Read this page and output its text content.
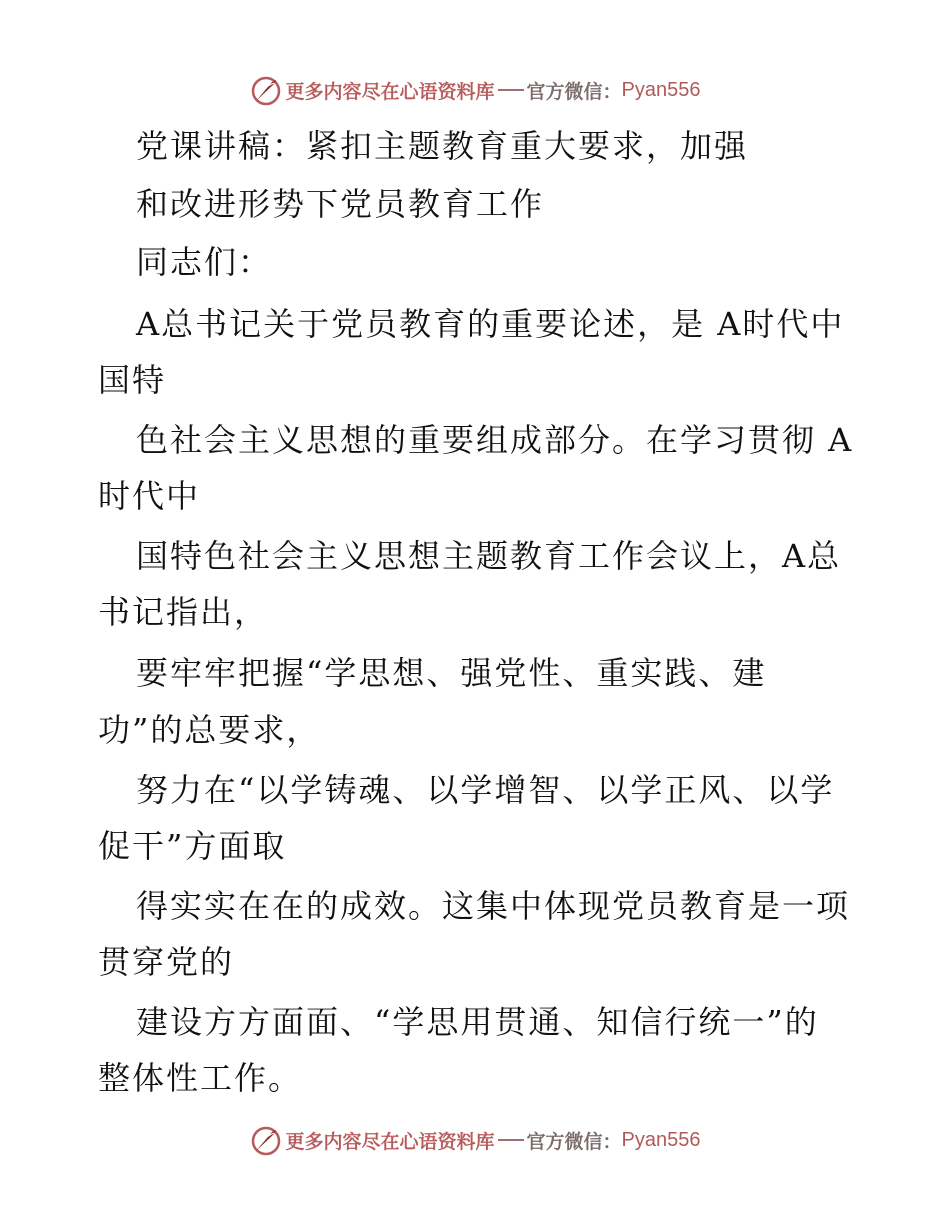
更多内容尽在心语资料库 官方微信： Pyan556
党课讲稿：紧扣主题教育重大要求，加强
和改进形势下党员教育工作
同志们：
A总书记关于党员教育的重要论述，是 A时代中
国特
色社会主义思想的重要组成部分。在学习贯彻 A
时代中
国特色社会主义思想主题教育工作会议上，A总
书记指出，
要牢牢把握“学思想、强党性、重实践、建
功”的总要求，
努力在“以学铸魂、以学增智、以学正风、以学
促干”方面取
得实实在在的成效。这集中体现党员教育是一项
贯穿党的
建设方方面面、“学思用贯通、知信行统一”的
整体性工作。
更多内容尽在心语资料库 官方微信： Pyan556
